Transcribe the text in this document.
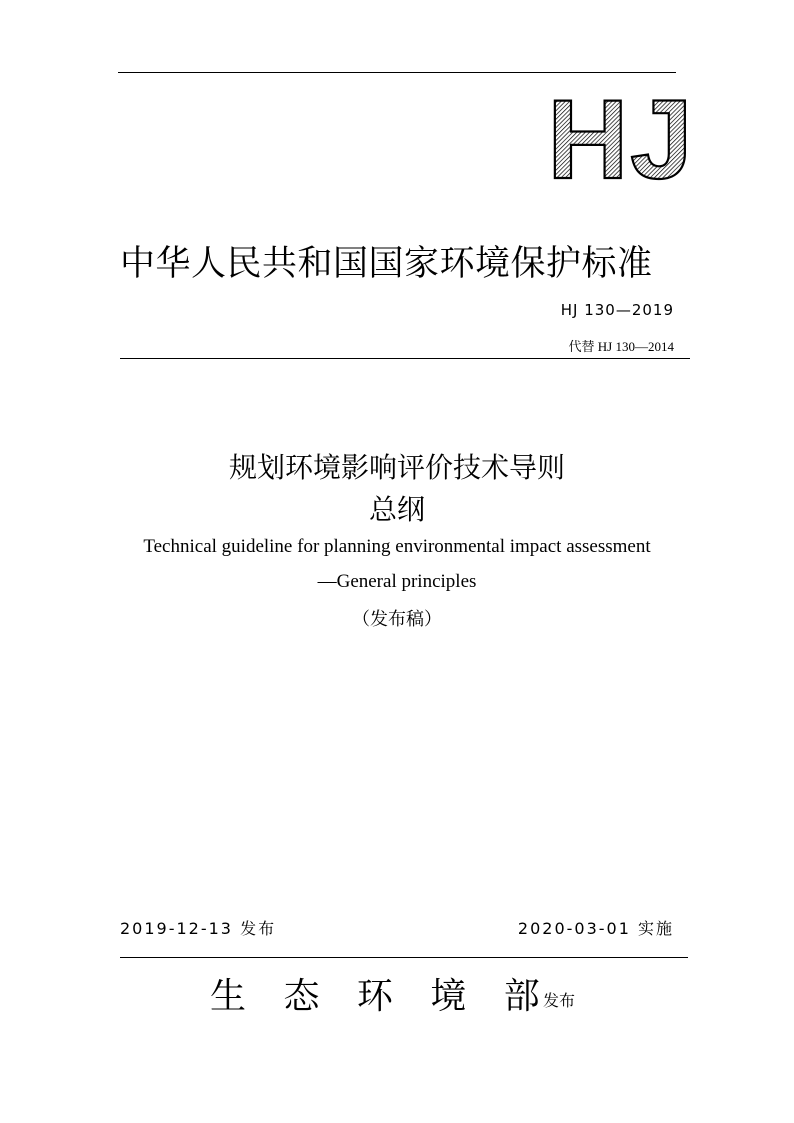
HJ
中华人民共和国国家环境保护标准
HJ 130—2019
代替 HJ 130—2014
规划环境影响评价技术导则
总纲
Technical guideline for planning environmental impact assessment
—General principles
（发布稿）
2019-12-13 发布	2020-03-01 实施
生 态 环 境 部
发布
